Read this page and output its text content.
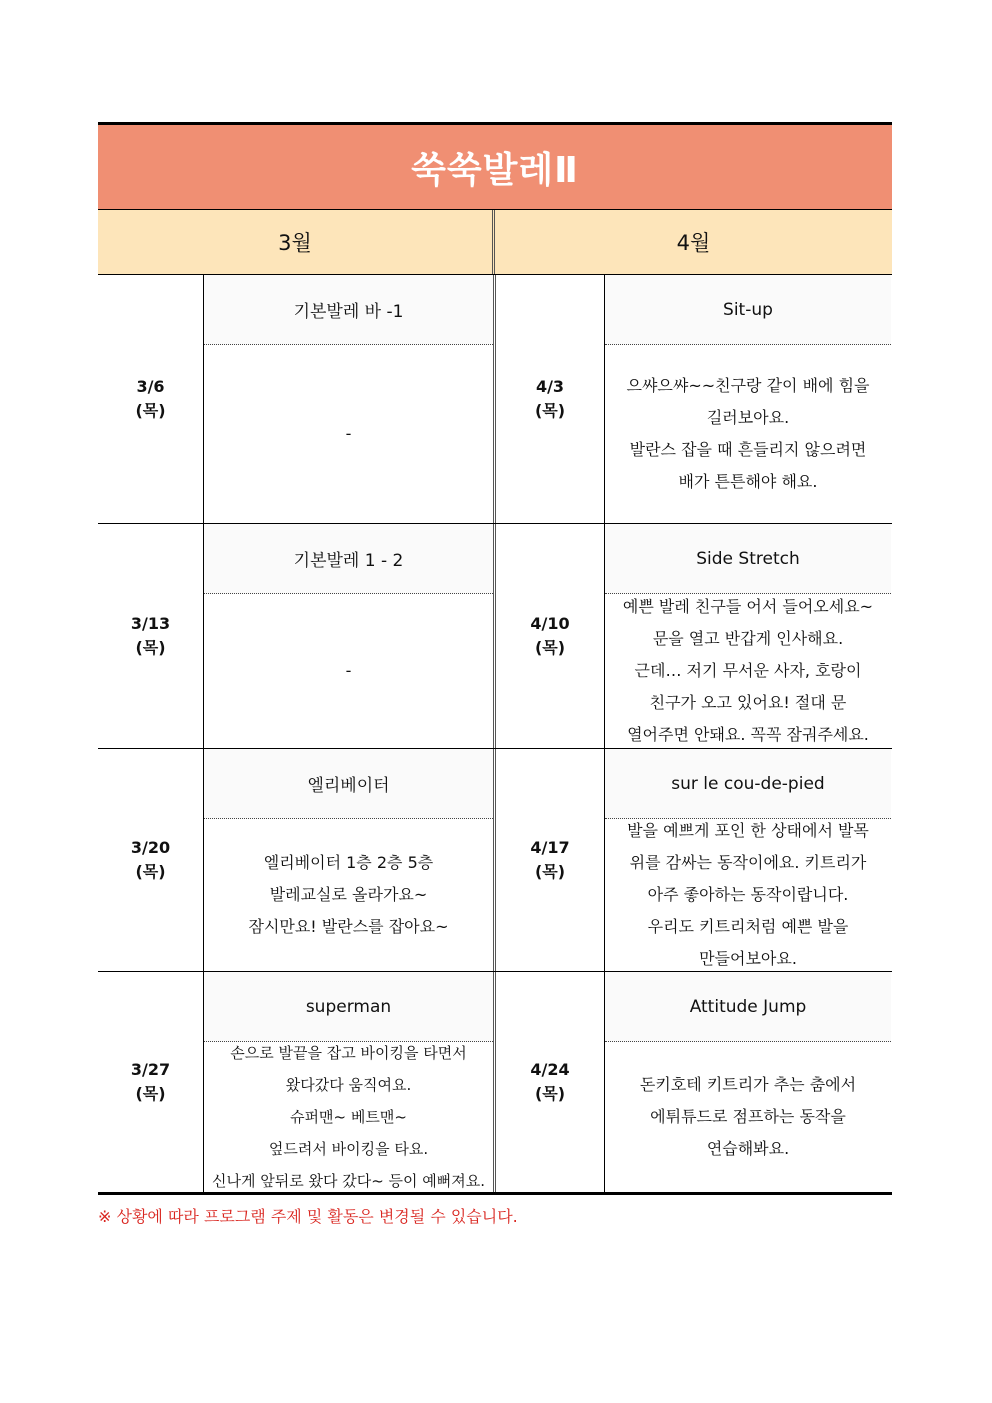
쑥쑥발레Ⅱ
3월	4월
3/6
(목)
기본발레 바 -1
-
4/3
(목)
Sit-up
으쌰으쌰~~친구랑 같이 배에 힘을
길러보아요.
발란스 잡을 때 흔들리지 않으려면
배가 튼튼해야 해요.
3/13
(목)
기본발레 1 - 2
-
4/10
(목)
Side Stretch
예쁜 발레 친구들 어서 들어오세요~
문을 열고 반갑게 인사해요.
근데… 저기 무서운 사자, 호랑이
친구가 오고 있어요! 절대 문
열어주면 안돼요. 꼭꼭 잠궈주세요.
3/20
(목)
엘리베이터
엘리베이터 1층 2층 5층
발레교실로 올라가요~
잠시만요! 발란스를 잡아요~
4/17
(목)
sur le cou-de-pied
발을 예쁘게 포인 한 상태에서 발목
위를 감싸는 동작이에요. 키트리가
아주 좋아하는 동작이랍니다.
우리도 키트리처럼 예쁜 발을
만들어보아요.
3/27
(목)
superman
손으로 발끝을 잡고 바이킹을 타면서
왔다갔다 움직여요.
슈퍼맨~ 베트맨~
엎드려서 바이킹을 타요.
신나게 앞뒤로 왔다 갔다~ 등이 예뻐져요.
4/24
(목)
Attitude Jump
돈키호테 키트리가 추는 춤에서
에튀튜드로 점프하는 동작을
연습해봐요.
※ 상황에 따라 프로그램 주제 및 활동은 변경될 수 있습니다.
